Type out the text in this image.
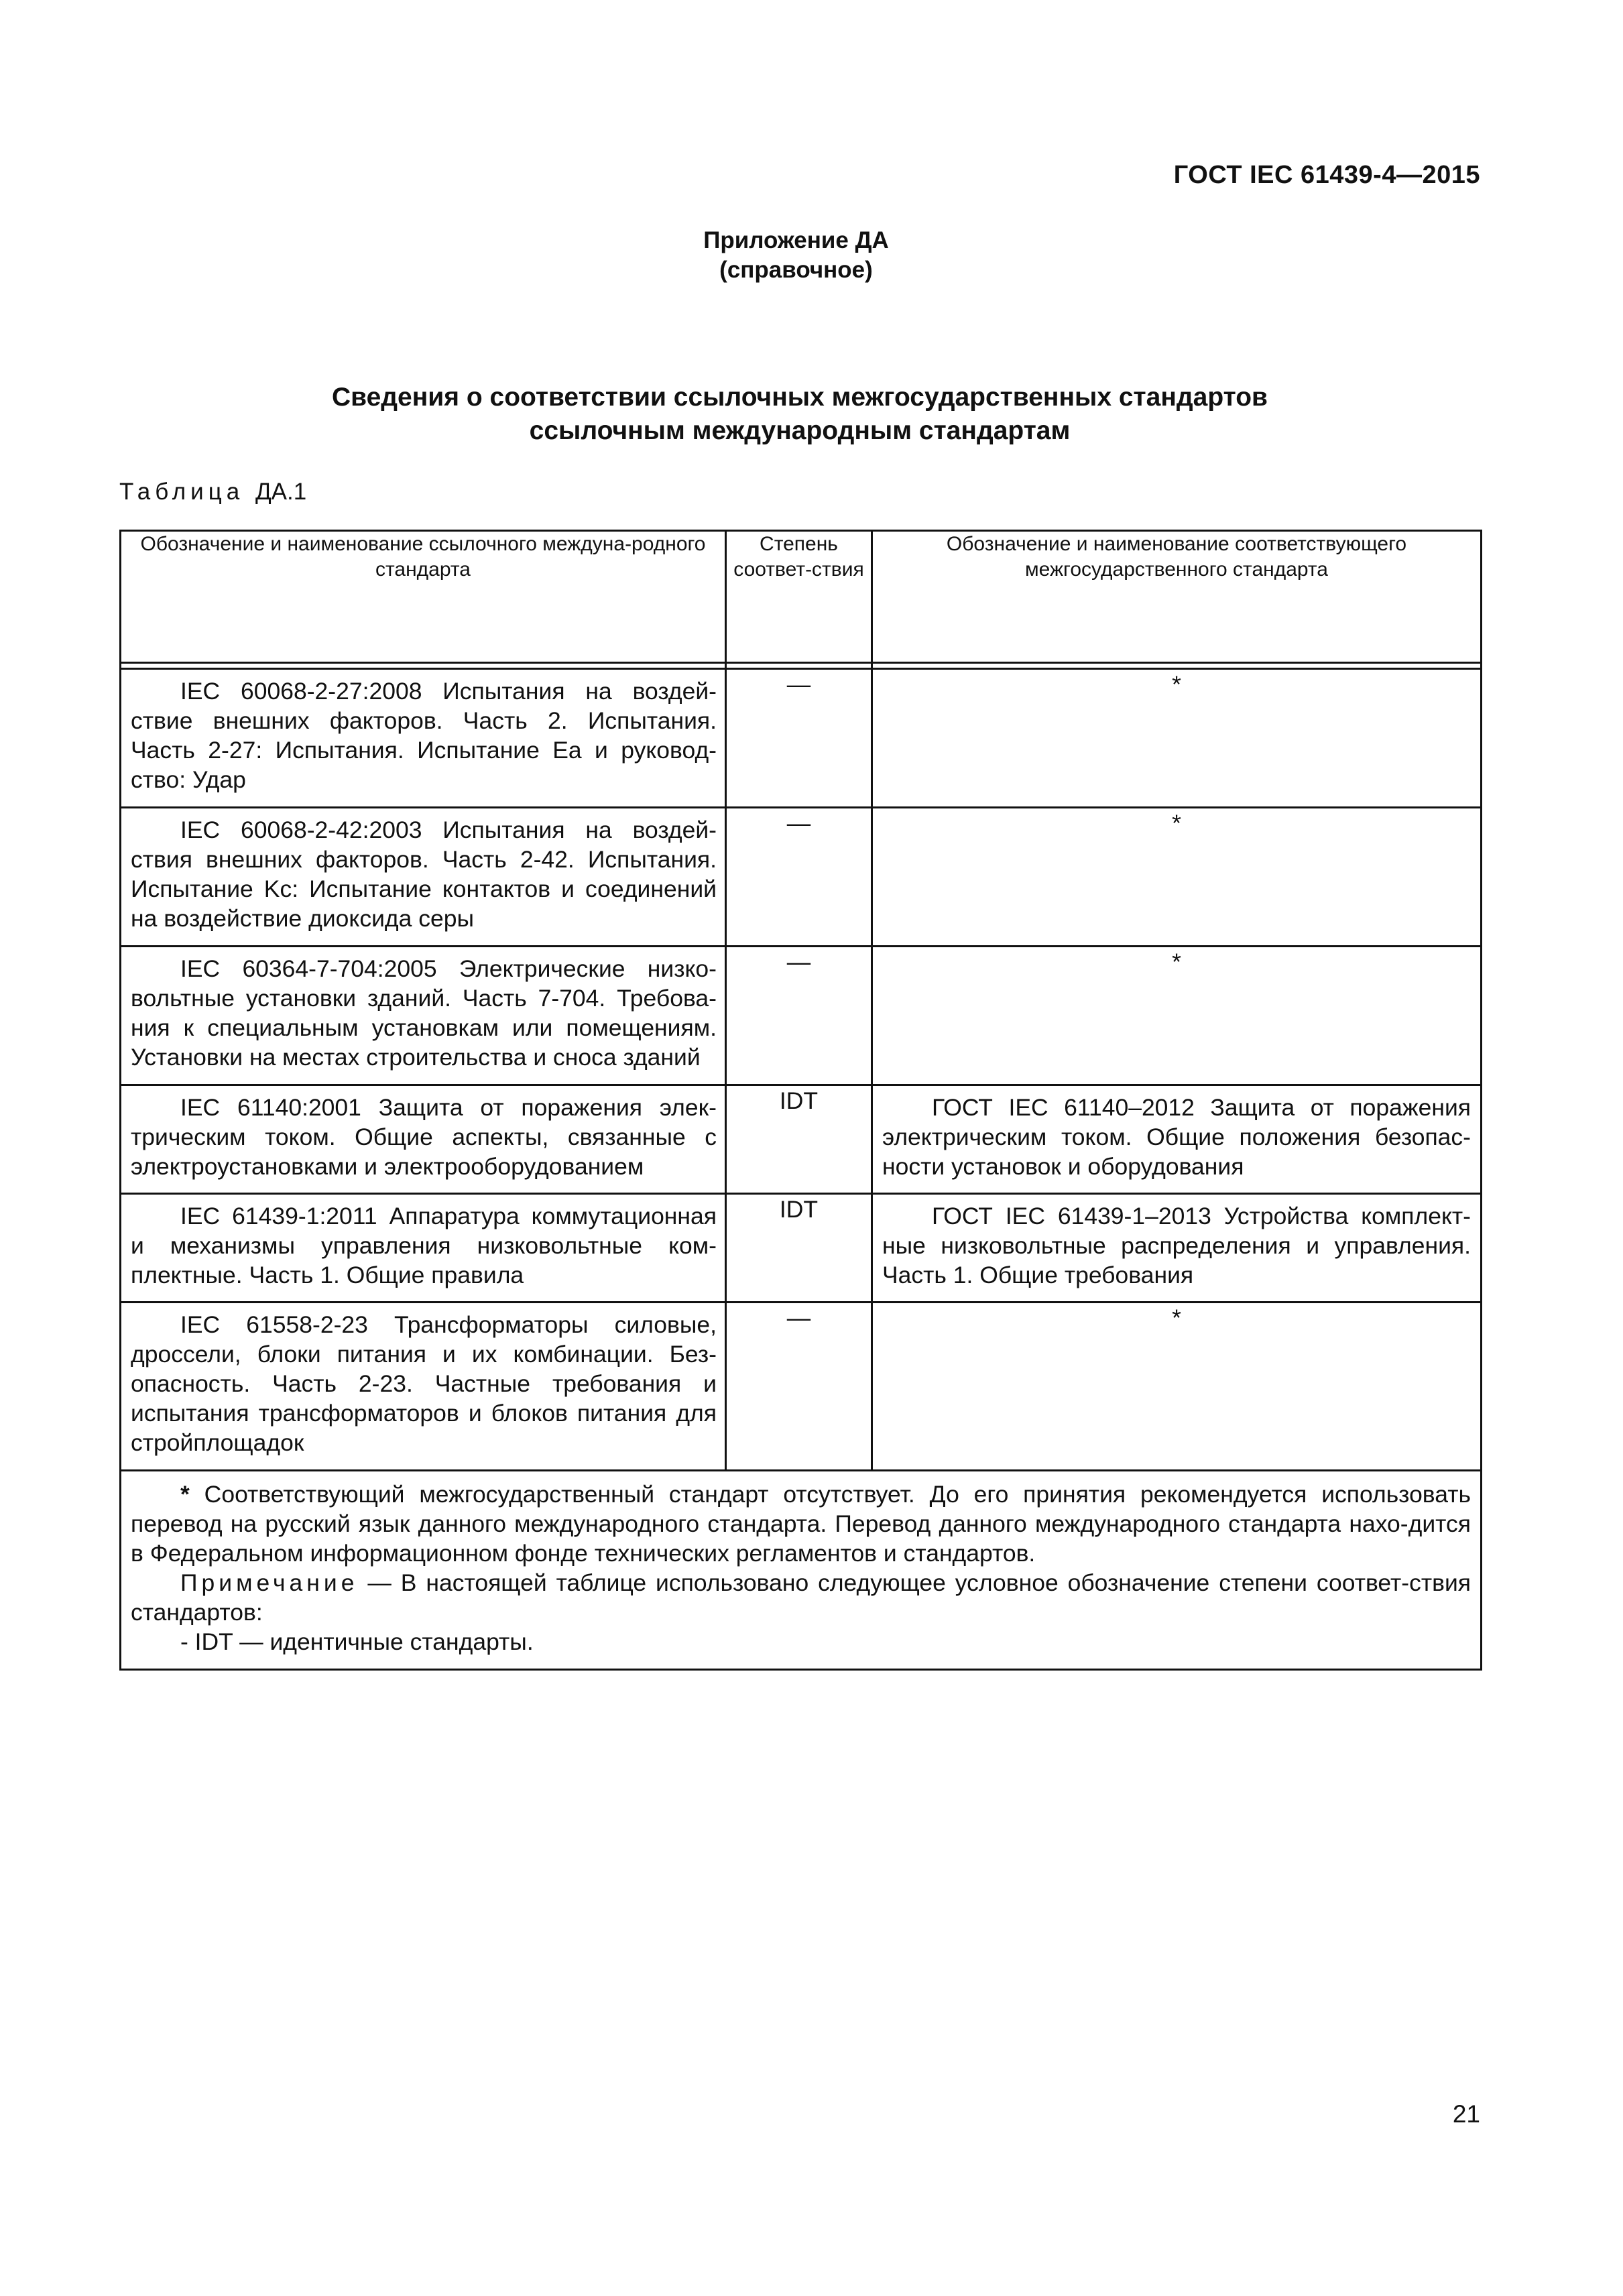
ГОСТ IEC 61439-4—2015
Приложение ДА
(справочное)
Сведения о соответствии ссылочных межгосударственных стандартов
ссылочным международным стандартам
Таблица ДА.1
Обозначение и наименование ссылочного междуна-родного стандарта	Степень соответ-ствия	Обозначение и наименование соответствующего межгосударственного стандарта

IEC 60068-2-27:2008 Испытания на воздей-ствие внешних факторов. Часть 2. Испытания. Часть 2-27: Испытания. Испытание Ea и руковод-ство: Удар	—	*

IEC 60068-2-42:2003 Испытания на воздей-ствия внешних факторов. Часть 2-42. Испытания. Испытание Kc: Испытание контактов и соединений на воздействие диоксида серы	—	*

IEC 60364-7-704:2005 Электрические низко-вольтные установки зданий. Часть 7-704. Требова-ния к специальным установкам или помещениям. Установки на местах строительства и сноса зданий	—	*

IEC 61140:2001 Защита от поражения элек-трическим током. Общие аспекты, связанные с электроустановками и электрооборудованием	IDT	ГОСТ IEC 61140–2012 Защита от поражения электрическим током. Общие положения безопас-ности установок и оборудования

IEC 61439-1:2011 Аппаратура коммутационная и механизмы управления низковольтные ком-плектные. Часть 1. Общие правила	IDT	ГОСТ IEC 61439-1–2013 Устройства комплект-ные низковольтные распределения и управления. Часть 1. Общие требования

IEC 61558-2-23 Трансформаторы силовые, дроссели, блоки питания и их комбинации. Без-опасность. Часть 2-23. Частные требования и испытания трансформаторов и блоков питания для стройплощадок	—	*

* Соответствующий межгосударственный стандарт отсутствует. До его принятия рекомендуется использовать перевод на русский язык данного международного стандарта. Перевод данного международного стандарта нахо-дится в Федеральном информационном фонде технических регламентов и стандартов.

Примечание — В настоящей таблице использовано следующее условное обозначение степени соответ-ствия стандартов:

- IDT — идентичные стандарты.		

21
